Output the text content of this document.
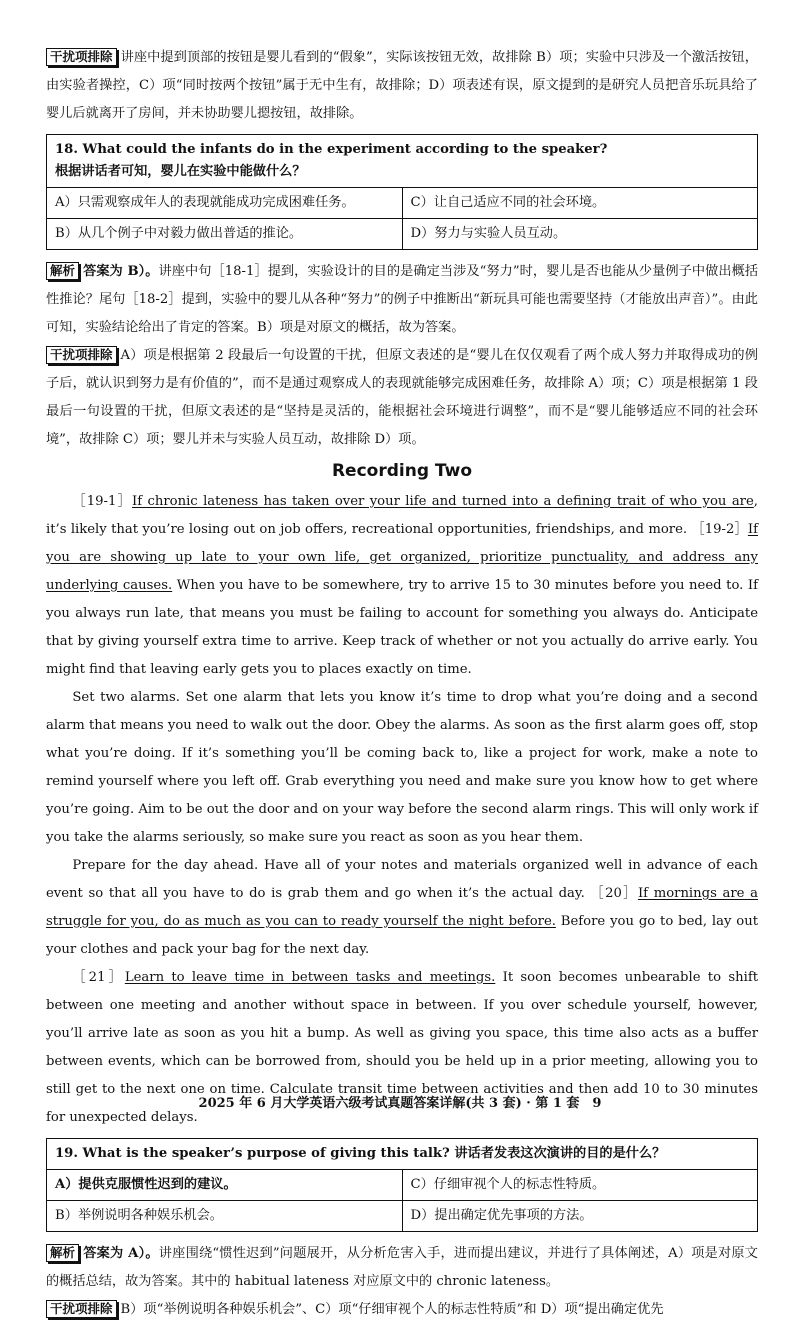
干扰项排除 讲座中提到顶部的按钮是婴儿看到的“假象”，实际该按钮无效，故排除 B）项；实验中只涉及一个激活按钮，由实验者操控，C）项“同时按两个按钮”属于无中生有，故排除；D）项表述有误，原文提到的是研究人员把音乐玩具给了婴儿后就离开了房间，并未协助婴儿摁按钮，故排除。

18. What could the infants do in the experiment according to the speaker?
根据讲话者可知，婴儿在实验中能做什么？	

A）只需观察成年人的表现就能成功完成困难任务。	C）让自己适应不同的社会环境。
B）从几个例子中对毅力做出普适的推论。	D）努力与实验人员互动。

解析 答案为 B）。讲座中句［18-1］提到，实验设计的目的是确定当涉及“努力”时，婴儿是否也能从少量例子中做出概括性推论？尾句［18-2］提到，实验中的婴儿从各种“努力”的例子中推断出“新玩具可能也需要坚持（才能放出声音）”。由此可知，实验结论给出了肯定的答案。B）项是对原文的概括，故为答案。

干扰项排除 A）项是根据第 2 段最后一句设置的干扰，但原文表述的是“婴儿在仅仅观看了两个成人努力并取得成功的例子后，就认识到努力是有价值的”，而不是通过观察成人的表现就能够完成困难任务，故排除 A）项；C）项是根据第 1 段最后一句设置的干扰，但原文表述的是“坚持是灵活的，能根据社会环境进行调整”，而不是“婴儿能够适应不同的社会环境”，故排除 C）项；婴儿并未与实验人员互动，故排除 D）项。

Recording Two

［19-1］If chronic lateness has taken over your life and turned into a defining trait of who you are, it’s likely that you’re losing out on job offers, recreational opportunities, friendships, and more. ［19-2］If you are showing up late to your own life, get organized, prioritize punctuality, and address any underlying causes. When you have to be somewhere, try to arrive 15 to 30 minutes before you need to. If you always run late, that means you must be failing to account for something you always do. Anticipate that by giving yourself extra time to arrive. Keep track of whether or not you actually do arrive early. You might find that leaving early gets you to places exactly on time.

Set two alarms. Set one alarm that lets you know it’s time to drop what you’re doing and a second alarm that means you need to walk out the door. Obey the alarms. As soon as the first alarm goes off, stop what you’re doing. If it’s something you’ll be coming back to, like a project for work, make a note to remind yourself where you left off. Grab everything you need and make sure you know how to get where you’re going. Aim to be out the door and on your way before the second alarm rings. This will only work if you take the alarms seriously, so make sure you react as soon as you hear them.

Prepare for the day ahead. Have all of your notes and materials organized well in advance of each event so that all you have to do is grab them and go when it’s the actual day. ［20］If mornings are a struggle for you, do as much as you can to ready yourself the night before. Before you go to bed, lay out your clothes and pack your bag for the next day.

［21］Learn to leave time in between tasks and meetings. It soon becomes unbearable to shift between one meeting and another without space in between. If you over schedule yourself, however, you’ll arrive late as soon as you hit a bump. As well as giving you space, this time also acts as a buffer between events, which can be borrowed from, should you be held up in a prior meeting, allowing you to still get to the next one on time. Calculate transit time between activities and then add 10 to 30 minutes for unexpected delays.

19. What is the speaker’s purpose of giving this talk? 讲话者发表这次演讲的目的是什么？	
A）提供克服惯性迟到的建议。	C）仔细审视个人的标志性特质。
B）举例说明各种娱乐机会。	D）提出确定优先事项的方法。

解析 答案为 A）。讲座围绕“惯性迟到”问题展开，从分析危害入手，进而提出建议，并进行了具体阐述，A）项是对原文的概括总结，故为答案。其中的 habitual lateness 对应原文中的 chronic lateness。

干扰项排除 B）项“举例说明各种娱乐机会”、C）项“仔细审视个人的标志性特质”和 D）项“提出确定优先

2025 年 6 月大学英语六级考试真题答案详解(共 3 套) · 第 1 套　9
